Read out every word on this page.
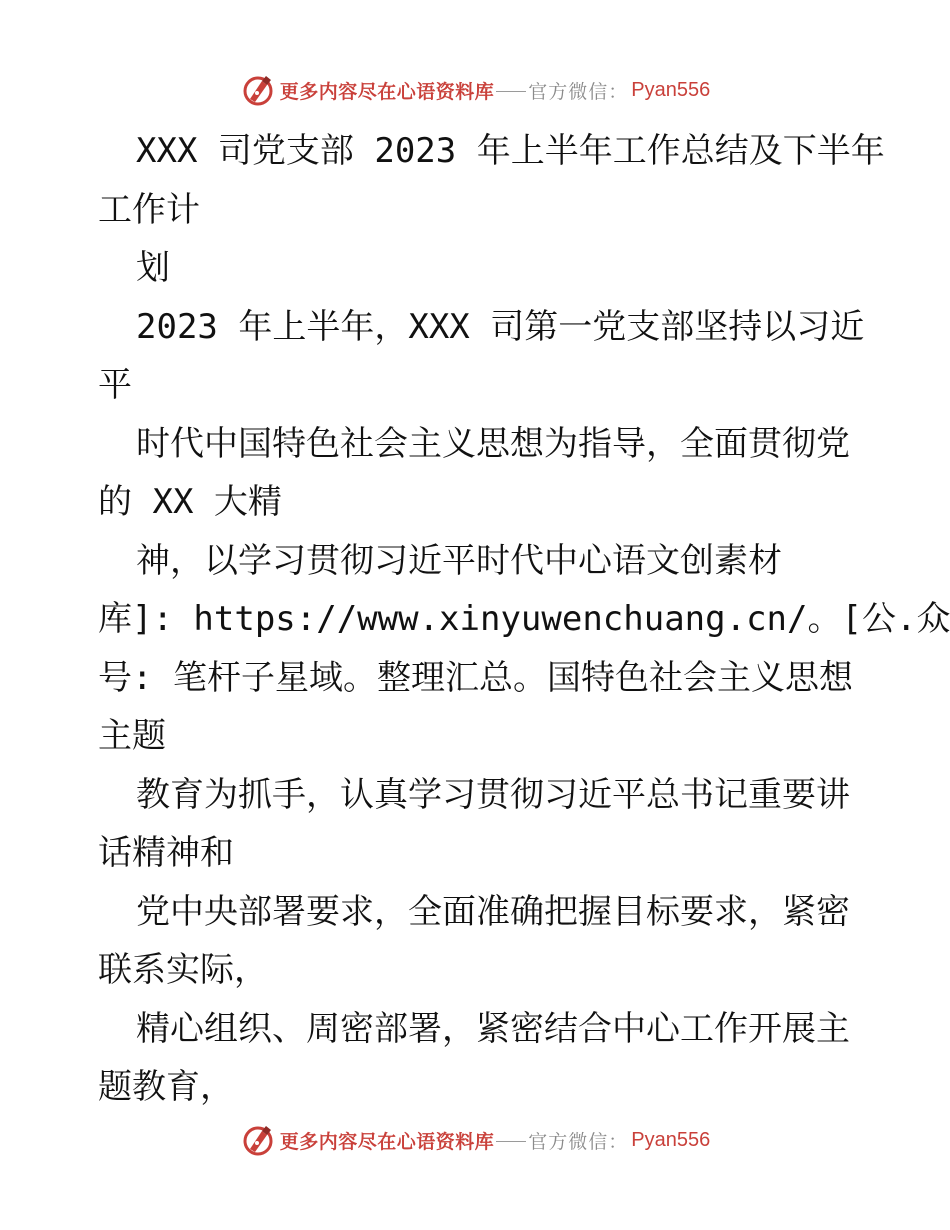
更多内容尽在心语资料库 官方微信 ： Pyan556
XXX 司党支部 2023 年上半年工作总结及下半年
工作计
划
2023 年上半年，XXX 司第一党支部坚持以习近
平
时代中国特色社会主义思想为指导，全面贯彻党
的 XX 大精
神，以学习贯彻习近平时代中心语文创素材
库]: https://www.xinyuwenchuang.cn/。[公.众
号: 笔杆子星域。整理汇总。国特色社会主义思想
主题
教育为抓手，认真学习贯彻习近平总书记重要讲
话精神和
党中央部署要求，全面准确把握目标要求，紧密
联系实际，
精心组织、周密部署，紧密结合中心工作开展主
题教育，
更多内容尽在心语资料库 官方微信 ： Pyan556
